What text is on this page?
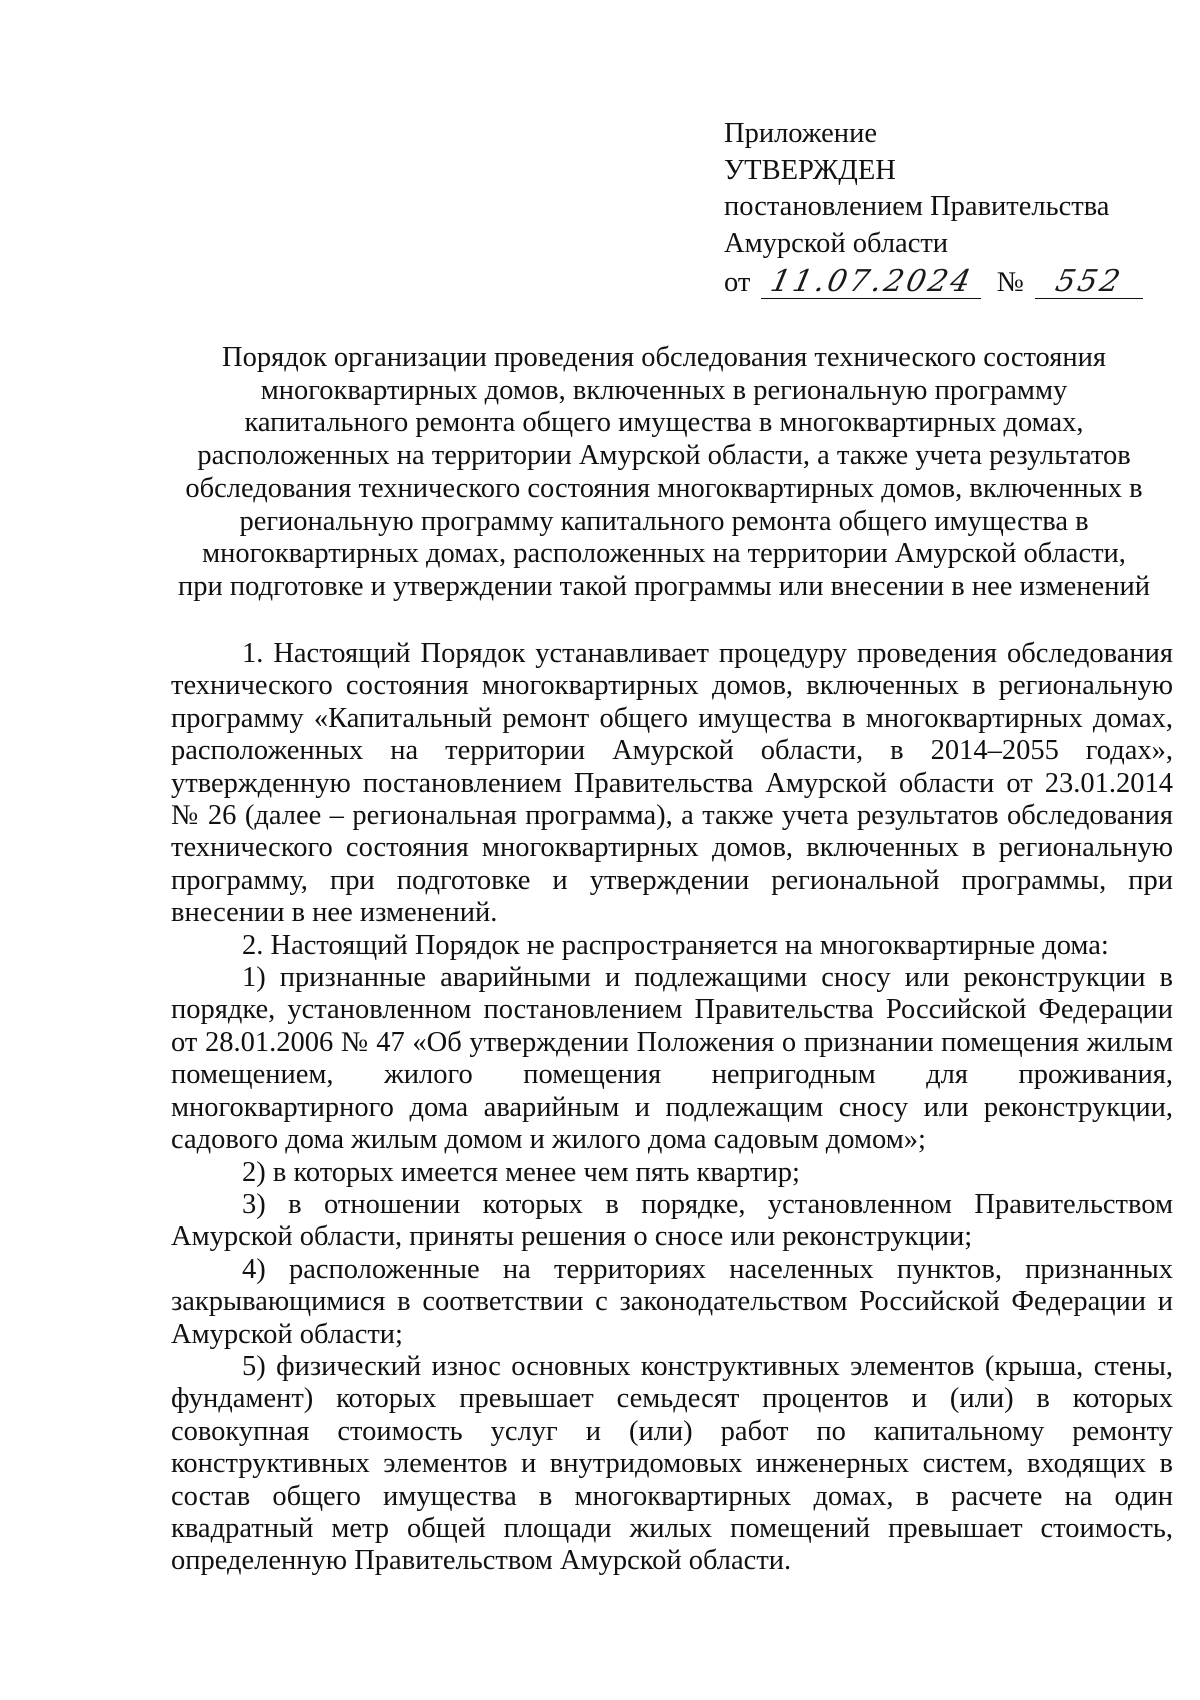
Приложение
УТВЕРЖДЕН
постановлением Правительства
Амурской области
от 11.07.2024 № 552
Порядок организации проведения обследования технического состояния
многоквартирных домов, включенных в региональную программу
капитального ремонта общего имущества в многоквартирных домах,
расположенных на территории Амурской области, а также учета результатов
обследования технического состояния многоквартирных домов, включенных в
региональную программу капитального ремонта общего имущества в
многоквартирных домах, расположенных на территории Амурской области,
при подготовке и утверждении такой программы или внесении в нее изменений

1. Настоящий Порядок устанавливает процедуру проведения обследования технического состояния многоквартирных домов, включенных в региональную программу «Капитальный ремонт общего имущества в многоквартирных домах, расположенных на территории Амурской области, в 2014–2055 годах», утвержденную постановлением Правительства Амурской области от 23.01.2014 № 26 (далее – региональная программа), а также учета результатов обследования технического состояния многоквартирных домов, включенных в региональную программу, при подготовке и утверждении региональной программы, при внесении в нее изменений.

2. Настоящий Порядок не распространяется на многоквартирные дома:

1) признанные аварийными и подлежащими сносу или реконструкции в порядке, установленном постановлением Правительства Российской Федерации от 28.01.2006 № 47 «Об утверждении Положения о признании помещения жилым помещением, жилого помещения непригодным для проживания, многоквартирного дома аварийным и подлежащим сносу или реконструкции, садового дома жилым домом и жилого дома садовым домом»;

2) в которых имеется менее чем пять квартир;

3) в отношении которых в порядке, установленном Правительством Амурской области, приняты решения о сносе или реконструкции;

4) расположенные на территориях населенных пунктов, признанных закрывающимися в соответствии с законодательством Российской Федерации и Амурской области;

5) физический износ основных конструктивных элементов (крыша, стены, фундамент) которых превышает семьдесят процентов и (или) в которых совокупная стоимость услуг и (или) работ по капитальному ремонту конструктивных элементов и внутридомовых инженерных систем, входящих в состав общего имущества в многоквартирных домах, в расчете на один квадратный метр общей площади жилых помещений превышает стоимость, определенную Правительством Амурской области.
